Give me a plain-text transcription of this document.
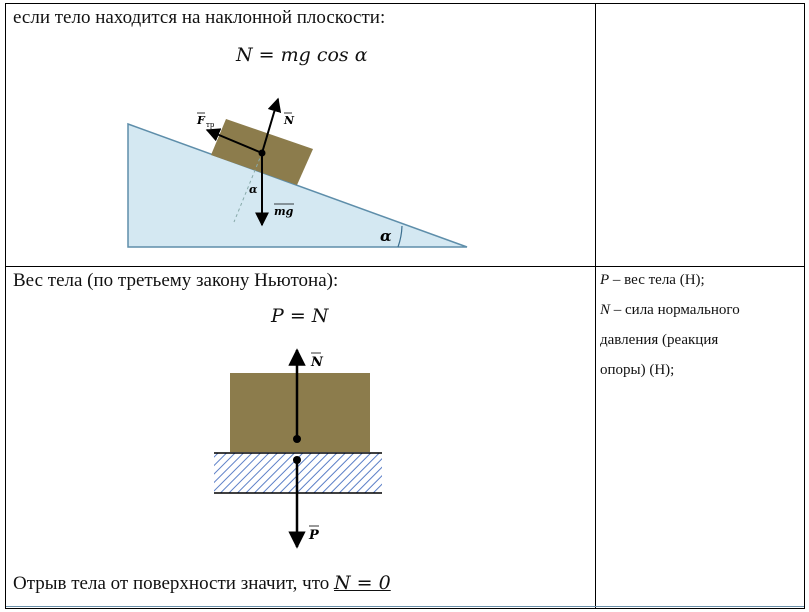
если тело находится на наклонной плоскости:
N = mg cos α
F тр	N
mg
α
α
N
P
Вес тела (по третьему закону Ньютона):
P = N
Отрыв тела от поверхности значит, что N = 0
P – вес тела (Н);
N – сила нормального
давления (реакция
опоры) (Н);
